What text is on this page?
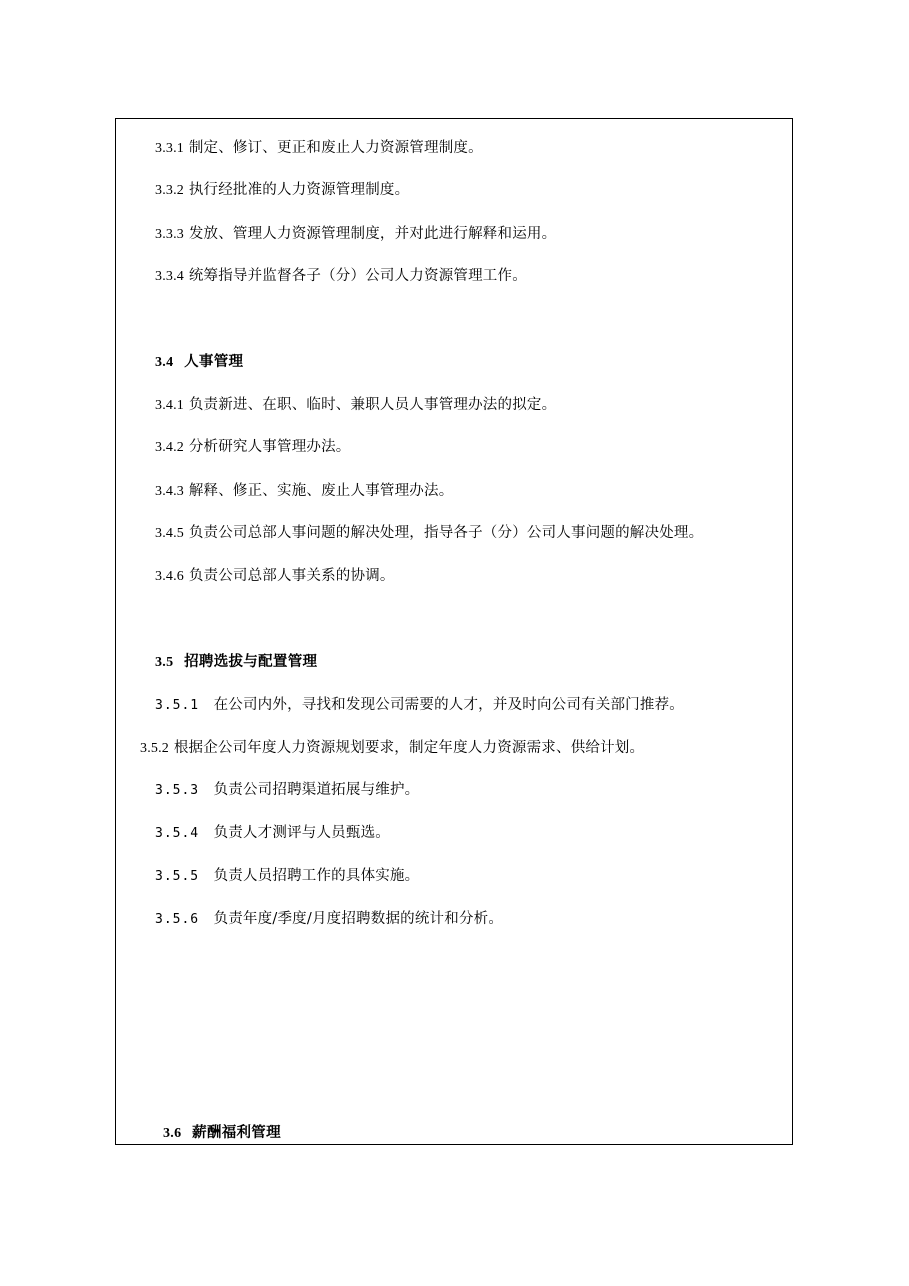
3.3.1 制定、修订、更正和废止人力资源管理制度。
3.3.2 执行经批准的人力资源管理制度。
3.3.3 发放、管理人力资源管理制度，并对此进行解释和运用。
3.3.4 统筹指导并监督各子（分）公司人力资源管理工作。
3.4 人事管理
3.4.1 负责新进、在职、临时、兼职人员人事管理办法的拟定。
3.4.2 分析研究人事管理办法。
3.4.3 解释、修正、实施、废止人事管理办法。
3.4.5 负责公司总部人事问题的解决处理，指导各子（分）公司人事问题的解决处理。
3.4.6 负责公司总部人事关系的协调。
3.5 招聘选拔与配置管理
3.5.1 在公司内外，寻找和发现公司需要的人才，并及时向公司有关部门推荐。
3.5.2 根据企公司年度人力资源规划要求，制定年度人力资源需求、供给计划。
3.5.3 负责公司招聘渠道拓展与维护。
3.5.4 负责人才测评与人员甄选。
3.5.5 负责人员招聘工作的具体实施。
3.5.6 负责年度/季度/月度招聘数据的统计和分析。
3.6 薪酬福利管理
